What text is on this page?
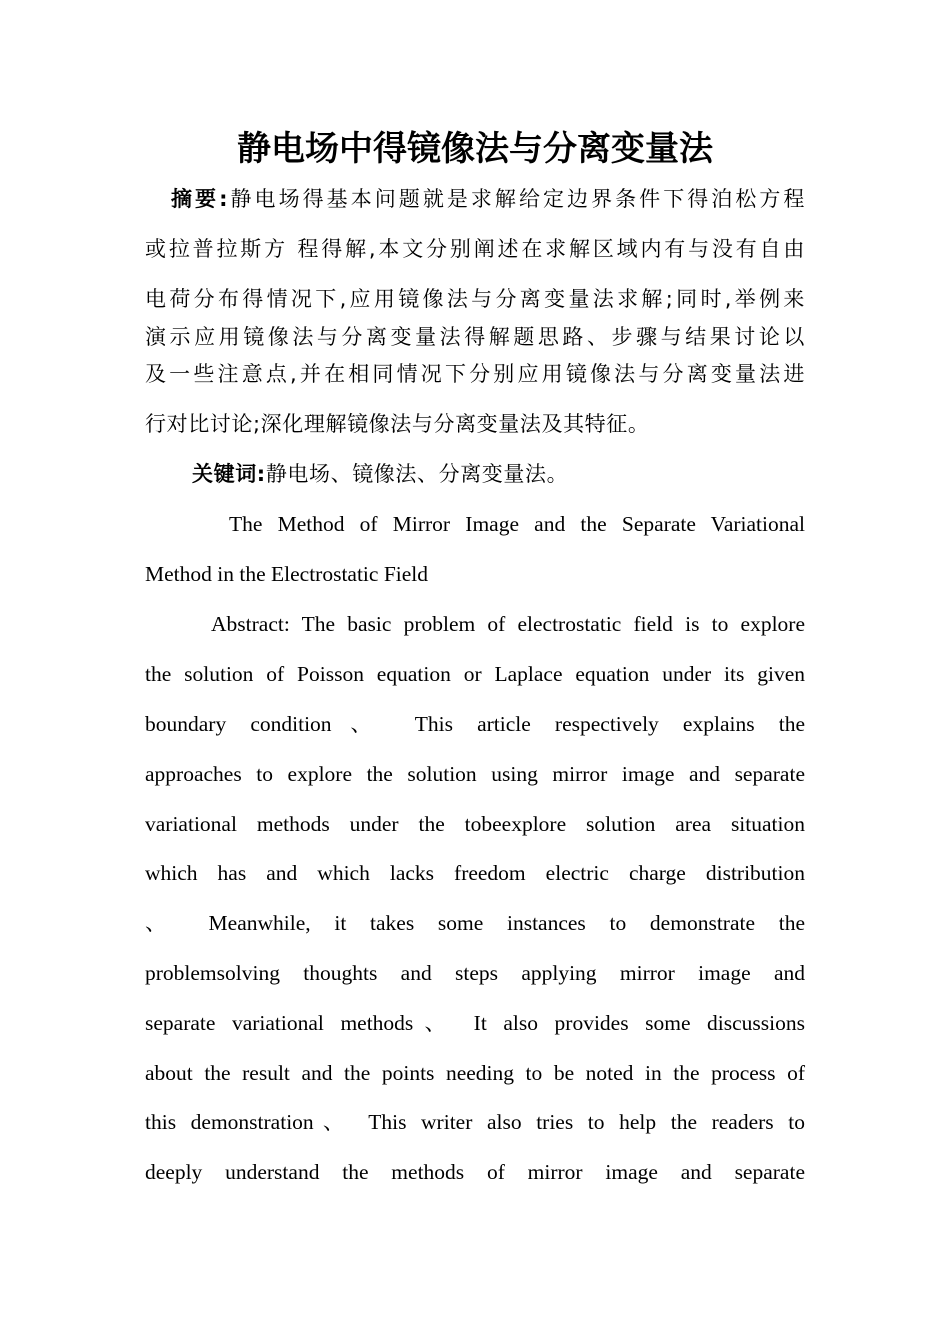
静电场中得镜像法与分离变量法
摘要:静电场得基本问题就是求解给定边界条件下得泊松方程
或拉普拉斯方 程得解,本文分别阐述在求解区域内有与没有自由
电荷分布得情况下,应用镜像法与分离变量法求解;同时,举例来
演示应用镜像法与分离变量法得解题思路、步骤与结果讨论以
及一些注意点,并在相同情况下分别应用镜像法与分离变量法进
行对比讨论;深化理解镜像法与分离变量法及其特征。
关键词:静电场、镜像法、分离变量法。
The Method of Mirror Image and the Separate Variational
Method in the Electrostatic Field
Abstract: The basic problem of electrostatic field is to explore
the solution of Poisson equation or Laplace equation under its given
boundary condition、 This article respectively explains the
approaches to explore the solution using mirror image and separate
variational methods under the tobeexplore solution area situation
which has and which lacks freedom electric charge distribution
、 Meanwhile, it takes some instances to demonstrate the
problemsolving thoughts and steps applying mirror image and
separate variational methods、 It also provides some discussions
about the result and the points needing to be noted in the process of
this demonstration、 This writer also tries to help the readers to
deeply understand the methods of mirror image and separate
